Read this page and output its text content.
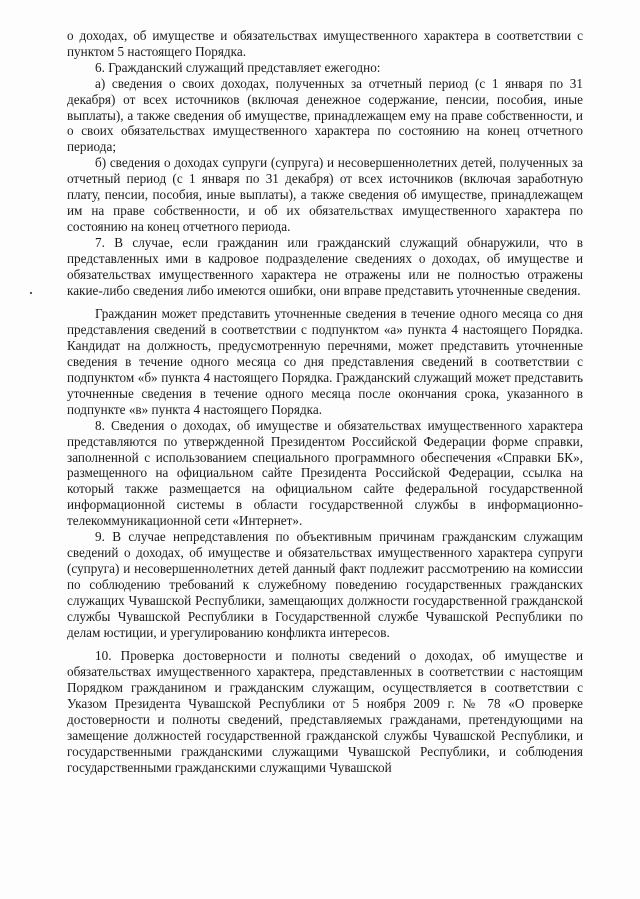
о доходах, об имуществе и обязательствах имущественного характера в соответствии с пунктом 5 настоящего Порядка.

6. Гражданский служащий представляет ежегодно:

а) сведения о своих доходах, полученных за отчетный период (с 1 января по 31 декабря) от всех источников (включая денежное содержание, пенсии, пособия, иные выплаты), а также сведения об имуществе, принадлежащем ему на праве собственности, и о своих обязательствах имущественного характера по состоянию на конец отчетного периода;

б) сведения о доходах супруги (супруга) и несовершеннолетних детей, полученных за отчетный период (с 1 января по 31 декабря) от всех источников (включая заработную плату, пенсии, пособия, иные выплаты), а также сведения об имуществе, принадлежащем им на праве собственности, и об их обязательствах имущественного характера по состоянию на конец отчетного периода.

7. В случае, если гражданин или гражданский служащий обнаружили, что в представленных ими в кадровое подразделение сведениях о доходах, об имуществе и обязательствах имущественного характера не отражены или не полностью отражены какие-либо сведения либо имеются ошибки, они вправе представить уточненные сведения.

Гражданин может представить уточненные сведения в течение одного месяца со дня представления сведений в соответствии с подпунктом «а» пункта 4 настоящего Порядка. Кандидат на должность, предусмотренную перечнями, может представить уточненные сведения в течение одного месяца со дня представления сведений в соответствии с подпунктом «б» пункта 4 настоящего Порядка. Гражданский служащий может представить уточненные сведения в течение одного месяца после окончания срока, указанного в подпункте «в» пункта 4 настоящего Порядка.

8. Сведения о доходах, об имуществе и обязательствах имущественного характера представляются по утвержденной Президентом Российской Федерации форме справки, заполненной с использованием специального программного обеспечения «Справки БК», размещенного на официальном сайте Президента Российской Федерации, ссылка на который также размещается на официальном сайте федеральной государственной информационной системы в области государственной службы в информационно-телекоммуникационной сети «Интернет».

9. В случае непредставления по объективным причинам гражданским служащим сведений о доходах, об имуществе и обязательствах имущественного характера супруги (супруга) и несовершеннолетних детей данный факт подлежит рассмотрению на комиссии по соблюдению требований к служебному поведению государственных гражданских служащих Чувашской Республики, замещающих должности государственной гражданской службы Чувашской Республики в Государственной службе Чувашской Республики по делам юстиции, и урегулированию конфликта интересов.

10. Проверка достоверности и полноты сведений о доходах, об имуществе и обязательствах имущественного характера, представленных в соответствии с настоящим Порядком гражданином и гражданским служащим, осуществляется в соответствии с Указом Президента Чувашской Республики от 5 ноября 2009 г. № 78 «О проверке достоверности и полноты сведений, представляемых гражданами, претендующими на замещение должностей государственной гражданской службы Чувашской Республики, и государственными гражданскими служащими Чувашской Республики, и соблюдения государственными гражданскими служащими Чувашской
